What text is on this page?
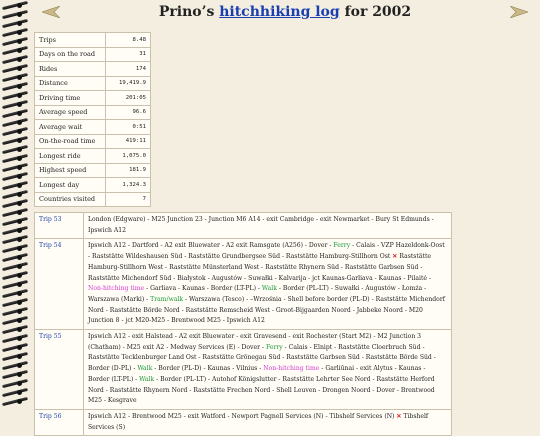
Prino’s hitchhiking log for 2002
Trips	8.48
Days on the road	31
Rides	174
Distance	19,419.9
Driving time	201:05
Average speed	96.6
Average wait	0:51
On-the-road time	419:11
Longest ride	1,075.0
Highest speed	181.9
Longest day	1,324.3
Countries visited	7
Trip 53	London (Edgware) - M25 Junction 23 - Junction M6 A14 - exit Cambridge - exit Newmarket - Bury St Edmunds - Ipswich A12
Trip 54	Ipswich A12 - Dartford - A2 exit Bluewater - A2 exit Ramsgate (A256) - Dover - Ferry - Calais - VZP Hazeldonk-Oost - Raststätte Wildeshausen Süd - Raststätte Grundbergsee Süd - Raststätte Hamburg-Stillhorn Ost ✕ Raststätte Hamburg-Stillhorn West - Raststätte Münsterland West - Raststätte Rhynern Süd - Raststätte Garbsen Süd - Raststätte Michendorf Süd - Białystok - Augustów - Suwałki - Kalvarija - jct Kaunas-Garliava - Kaunas - Pilaitė - Non-hitching time - Garliava - Kaunas - Border (LT-PL) - Walk - Border (PL-LT) - Suwałki - Augustów - Łomża - Warszawa (Marki) - Tram/walk - Warszawa (Tesco) - –Wrzośnia - Shell before border (PL-D) - Raststätte Michendorf Nord - Raststätte Börde Nord - Raststätte Remscheid West - Groot-Bijgaarden Noord - Jabbeke Noord - M20 Junction 8 - jct M20-M25 - Brentwood M25 - Ipswich A12
Trip 55	Ipswich A12 - exit Halstead - A2 exit Bluewater - exit Gravesend - exit Rochester (Start M2) - M2 Junction 3 (Chatham) - M25 exit A2 - Medway Services (E) - Dover - Ferry - Calais - Elnipt - Raststätte Cloerbruch Süd - Raststätte Tecklenburger Land Ost - Raststätte Grönegau Süd - Raststätte Garbsen Süd - Raststätte Börde Süd - Border (D-PL) - Walk - Border (PL-D) - Kaunas - Vilnius - Non-hitching time - Garliūnai - exit Alytus - Kaunas - Border (LT-PL) - Walk - Border (PL-LT) - Autohof Königslutter - Raststätte Lehrter See Nord - Raststätte Herford Nord - Raststätte Rhynern Nord - Raststätte Frechen Nord - Shell Leuven - Drongen Noord - Dover - Brentwood M25 - Kesgrave
Trip 56	Ipswich A12 - Brentwood M25 - exit Watford - Newport Pagnell Services (N) - Tibshelf Services (N) ✕ Tibshelf Services (S)
